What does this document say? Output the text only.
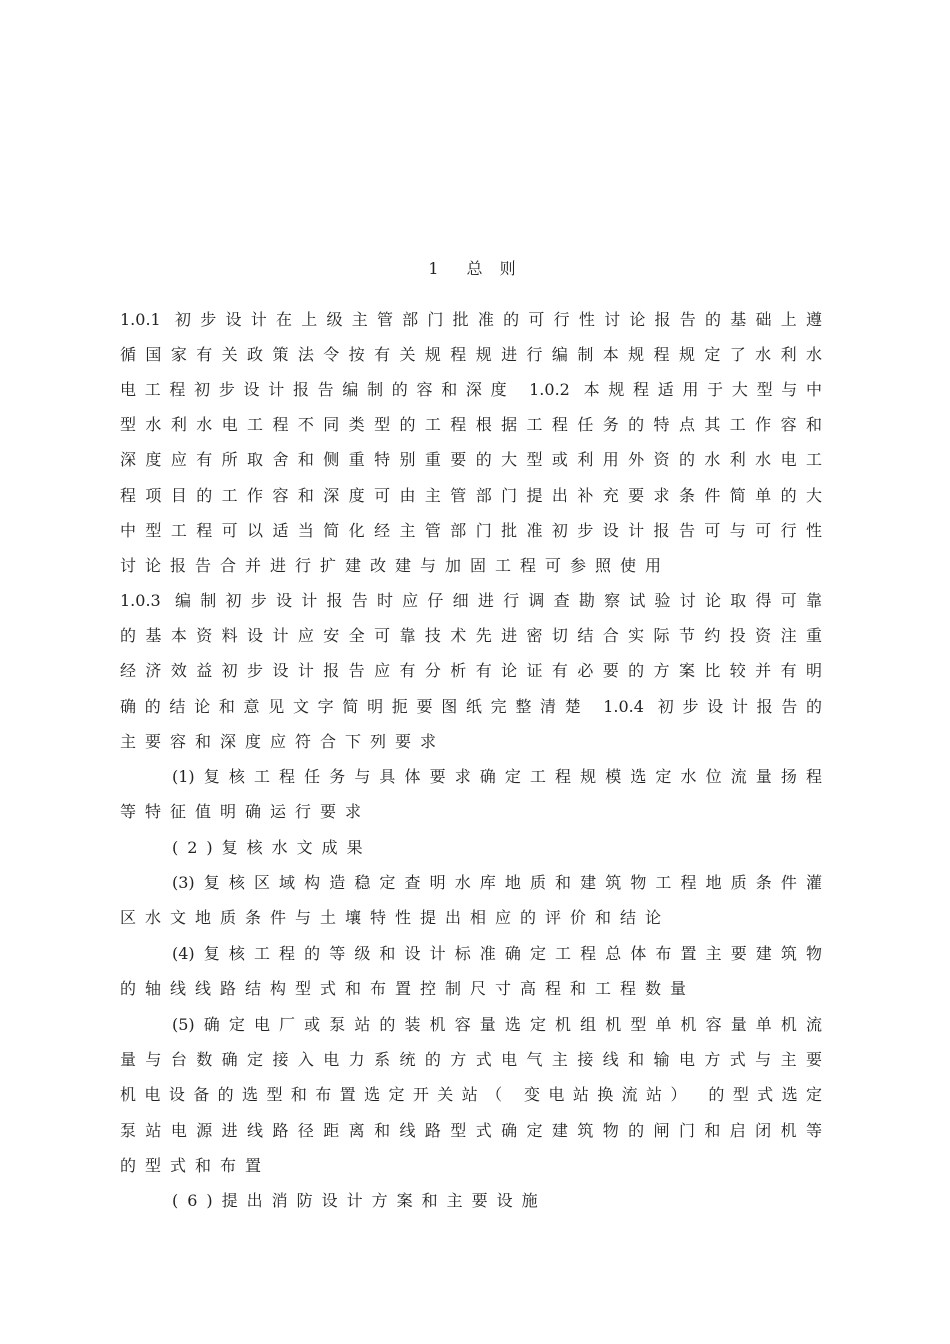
1　总 则
1.0.1 初步设计在上级主管部门批准的可行性讨论报告的基础上遵
循国家有关政策法令按有关规程规进行编制本规程规定了水利水
电工程初步设计报告编制的容和深度 1.0.2 本规程适用于大型与中
型水利水电工程不同类型的工程根据工程任务的特点其工作容和
深度应有所取舍和侧重特别重要的大型或利用外资的水利水电工
程项目的工作容和深度可由主管部门提出补充要求条件简单的大
中型工程可以适当简化经主管部门批准初步设计报告可与可行性
讨论报告合并进行扩建改建与加固工程可参照使用
1.0.3 编制初步设计报告时应仔细进行调查勘察试验讨论取得可靠
的基本资料设计应安全可靠技术先进密切结合实际节约投资注重
经济效益初步设计报告应有分析有论证有必要的方案比较并有明
确的结论和意见文字简明扼要图纸完整清楚 1.0.4 初步设计报告的
主要容和深度应符合下列要求
(1)复核工程任务与具体要求确定工程规模选定水位流量扬程
等特征值明确运行要求
(2)复核水文成果
(3)复核区域构造稳定查明水库地质和建筑物工程地质条件灌
区水文地质条件与土壤特性提出相应的评价和结论
(4)复核工程的等级和设计标准确定工程总体布置主要建筑物
的轴线线路结构型式和布置控制尺寸高程和工程数量
(5)确定电厂或泵站的装机容量选定机组机型单机容量单机流
量与台数确定接入电力系统的方式电气主接线和输电方式与主要
机电设备的选型和布置选定开关站（ 变电站换流站） 的型式选定
泵站电源进线路径距离和线路型式确定建筑物的闸门和启闭机等
的型式和布置
(6)提出消防设计方案和主要设施
